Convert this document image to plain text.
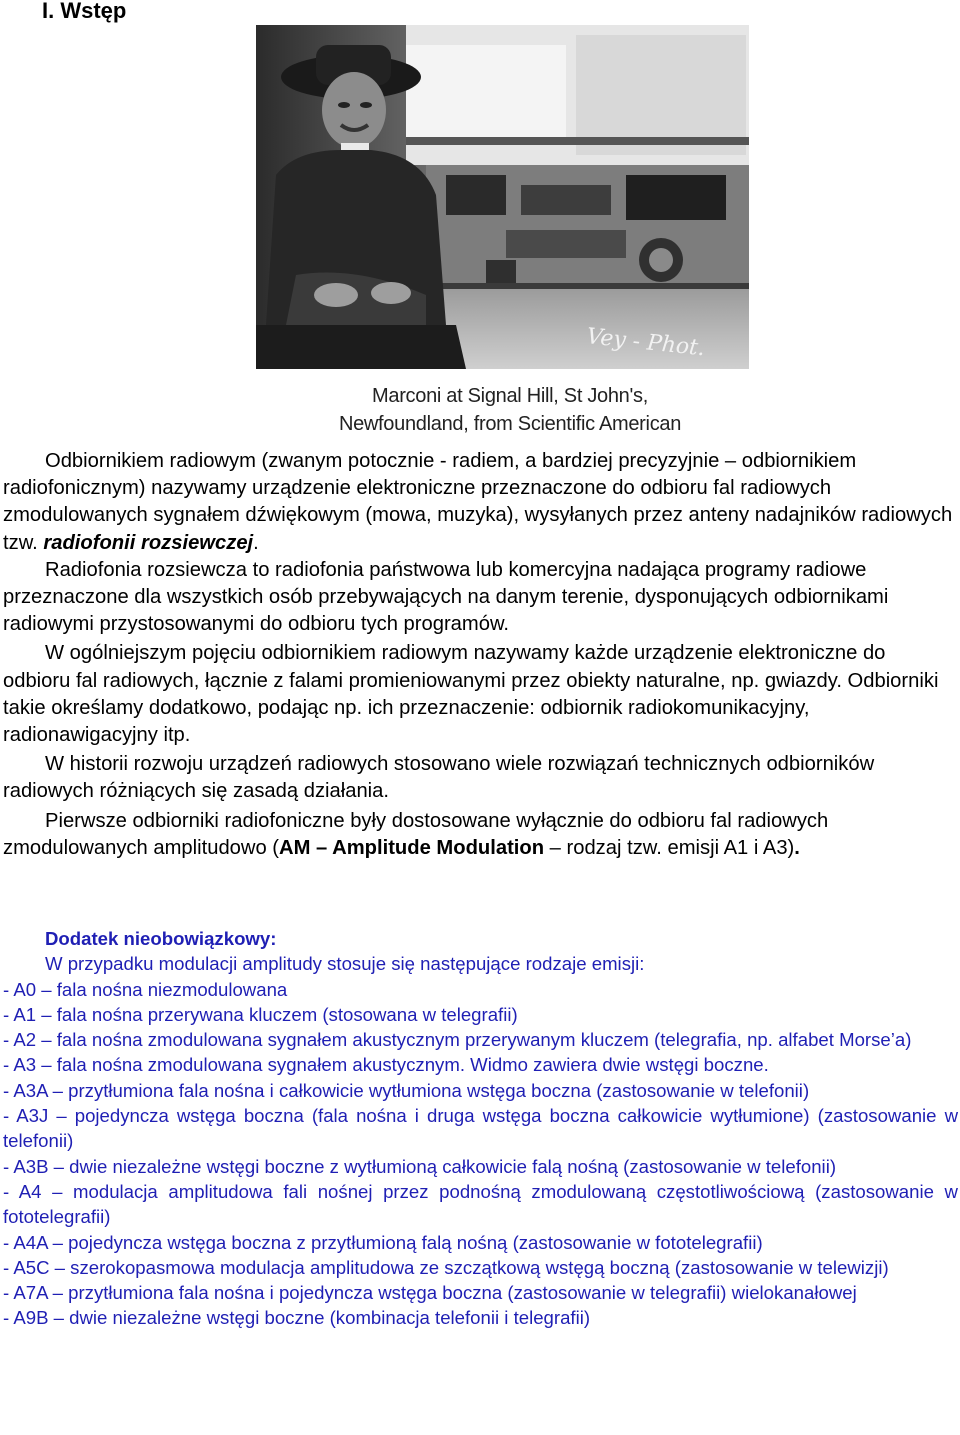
I. Wstęp
Vey - Phot.
Marconi at Signal Hill, St John's,
Newfoundland, from Scientific American

Odbiornikiem radiowym (zwanym potocznie - radiem, a bardziej precyzyjnie – odbiornikiem radiofonicznym) nazywamy urządzenie elektroniczne przeznaczone do odbioru fal radiowych zmodulowanych sygnałem dźwiękowym (mowa, muzyka), wysyłanych przez anteny nadajników radiowych tzw. radiofonii rozsiewczej.

Radiofonia rozsiewcza to radiofonia państwowa lub komercyjna nadająca programy radiowe przeznaczone dla wszystkich osób przebywających na danym terenie, dysponujących odbiornikami radiowymi przystosowanymi do odbioru tych programów.

W ogólniejszym pojęciu odbiornikiem radiowym nazywamy każde urządzenie elektroniczne do odbioru fal radiowych, łącznie z falami promieniowanymi przez obiekty naturalne, np. gwiazdy. Odbiorniki takie określamy dodatkowo, podając np. ich przeznaczenie: odbiornik radiokomunikacyjny, radionawigacyjny itp.

W historii rozwoju urządzeń radiowych stosowano wiele rozwiązań technicznych odbiorników radiowych różniących się zasadą działania.

Pierwsze odbiorniki radiofoniczne były dostosowane wyłącznie do odbioru fal radiowych zmodulowanych amplitudowo (AM – Amplitude Modulation – rodzaj tzw. emisji A1 i A3).

Dodatek nieobowiązkowy:
W przypadku modulacji amplitudy stosuje się następujące rodzaje emisji:
- A0 – fala nośna niezmodulowana
- A1 – fala nośna przerywana kluczem (stosowana w telegrafii)
- A2 – fala nośna zmodulowana sygnałem akustycznym przerywanym kluczem (telegrafia, np. alfabet Morse’a)
- A3 – fala nośna zmodulowana sygnałem akustycznym. Widmo zawiera dwie wstęgi boczne.
- A3A – przytłumiona fala nośna i całkowicie wytłumiona wstęga boczna (zastosowanie w telefonii)
- A3J – pojedyncza wstęga boczna (fala nośna i druga wstęga boczna całkowicie wytłumione) (zastosowanie w telefonii)
- A3B – dwie niezależne wstęgi boczne z wytłumioną całkowicie falą nośną (zastosowanie w telefonii)
- A4 – modulacja amplitudowa fali nośnej przez podnośną zmodulowaną częstotliwościową (zastosowanie w fototelegrafii)
- A4A – pojedyncza wstęga boczna z przytłumioną falą nośną (zastosowanie w fototelegrafii)
- A5C – szerokopasmowa modulacja amplitudowa ze szczątkową wstęgą boczną (zastosowanie w telewizji)
- A7A – przytłumiona fala nośna i pojedyncza wstęga boczna (zastosowanie w telegrafii) wielokanałowej
- A9B – dwie niezależne wstęgi boczne (kombinacja telefonii i telegrafii)
